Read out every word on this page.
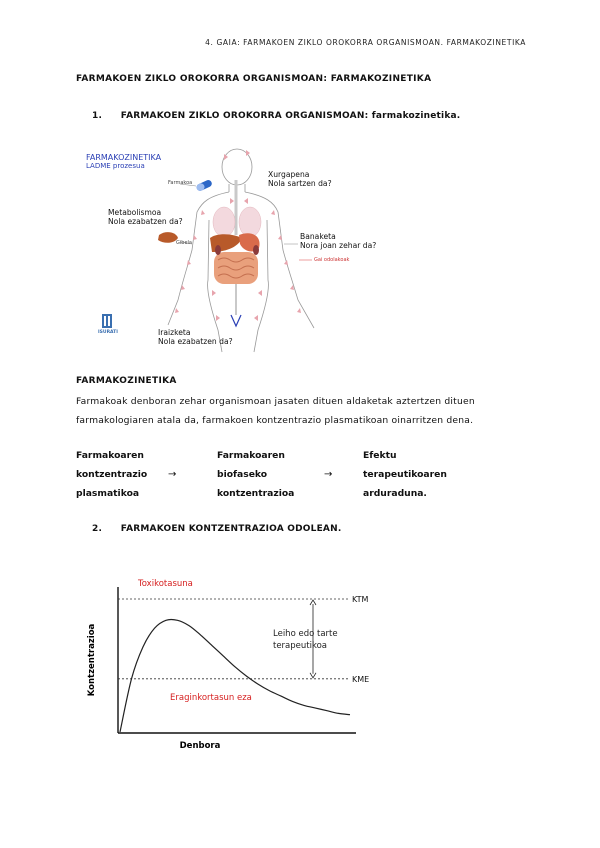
4. GAIA: FARMAKOEN ZIKLO OROKORRA ORGANISMOAN. FARMAKOZINETIKA
FARMAKOEN ZIKLO OROKORRA ORGANISMOAN: FARMAKOZINETIKA
1. FARMAKOEN ZIKLO OROKORRA ORGANISMOAN: farmakozinetika.
FARMAKOZINETIKA
LADME prozesua
Farmakoa
Xurgapena
Nola sartzen da?
Metabolismoa
Nola ezabatzen da?
Gibela
Banaketa
Nora joan zehar da?
Gai odolakoak
Iraizketa
Nola ezabatzen da?
ISURATI
FARMAKOZINETIKA
Farmakoak denboran zehar organismoan jasaten dituen aldaketak aztertzen dituen farmakologiaren atala da, farmakoen kontzentrazio plasmatikoan oinarritzen dena.
Farmakoaren
kontzentrazio
plasmatikoa
→
Farmakoaren
biofaseko
kontzentrazioa
→
Efektu
terapeutikoaren
arduraduna.
2. FARMAKOEN KONTZENTRAZIOA ODOLEAN.
KTM
KME
Kontzentrazioa
Denbora
Toxikotasuna
Eraginkortasun eza
Leiho edo tarte
terapeutikoa
